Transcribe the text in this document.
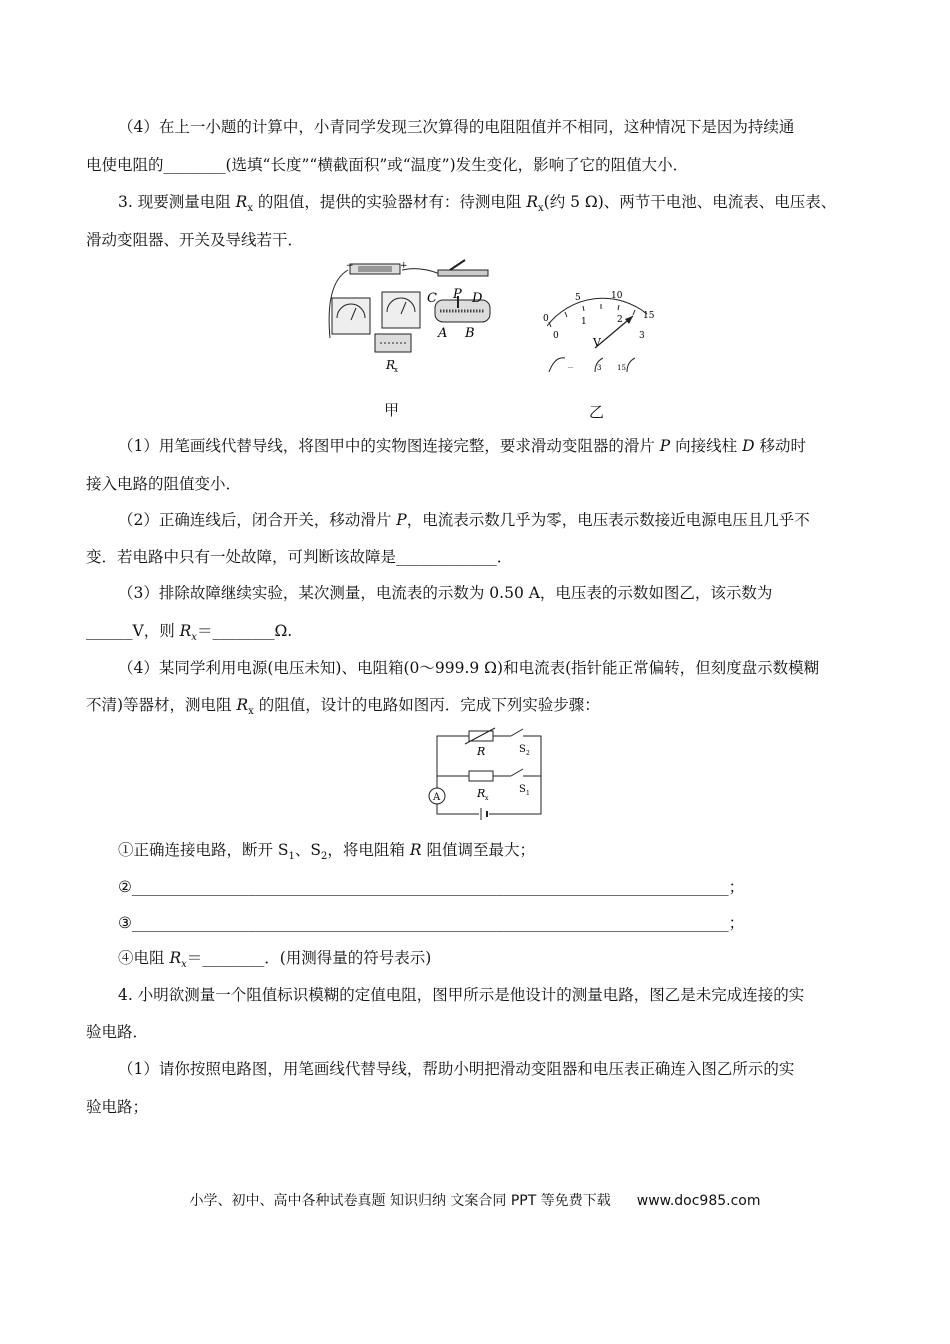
（4）在上一小题的计算中，小青同学发现三次算得的电阻阻值并不相同，这种情况下是因为持续通
电使电阻的________(选填“长度”“横截面积”或“温度”)发生变化，影响了它的阻值大小．
3. 现要测量电阻 $R_x$ 的阻值，提供的实验器材有：待测电阻 $R_x$(约 5 Ω)、两节干电池、电流表、电压表、
滑动变阻器、开关及导线若干．
−	+
C P D
A B
R
x
5	10
15
0
0
1	2
3
V
－	3 15
甲	乙
（1）用笔画线代替导线，将图甲中的实物图连接完整，要求滑动变阻器的滑片 P 向接线柱 D 移动时
接入电路的阻值变小．
（2）正确连线后，闭合开关，移动滑片 P，电流表示数几乎为零，电压表示数接近电源电压且几乎不
变．若电路中只有一处故障，可判断该故障是_____________．
（3）排除故障继续实验，某次测量，电流表的示数为 0.50 A，电压表的示数如图乙，该示数为
______V，则 $R_x=\_\_\_\_\_\_\_\_\Omega$.
（4）某同学利用电源(电压未知)、电阻箱(0～999.9 Ω)和电流表(指针能正常偏转，但刻度盘示数模糊
不清)等器材，测电阻 $R_x$ 的阻值，设计的电路如图丙．完成下列实验步骤：
R	S 2
R x
S 1
A
①正确连接电路，断开 $S_1$、$S_2$，将电阻箱 R 阻值调至最大；
②_____________________________________________________________________________；
③_____________________________________________________________________________；
④电阻 $R_x=\_\_\_\_\_\_\_\_$．(用测得量的符号表示)
4. 小明欲测量一个阻值标识模糊的定值电阻，图甲所示是他设计的测量电路，图乙是未完成连接的实
验电路．
（1）请你按照电路图，用笔画线代替导线，帮助小明把滑动变阻器和电压表正确连入图乙所示的实
验电路；
小学、初中、高中各种试卷真题 知识归纳 文案合同 PPT 等免费下载 www.doc985.com
